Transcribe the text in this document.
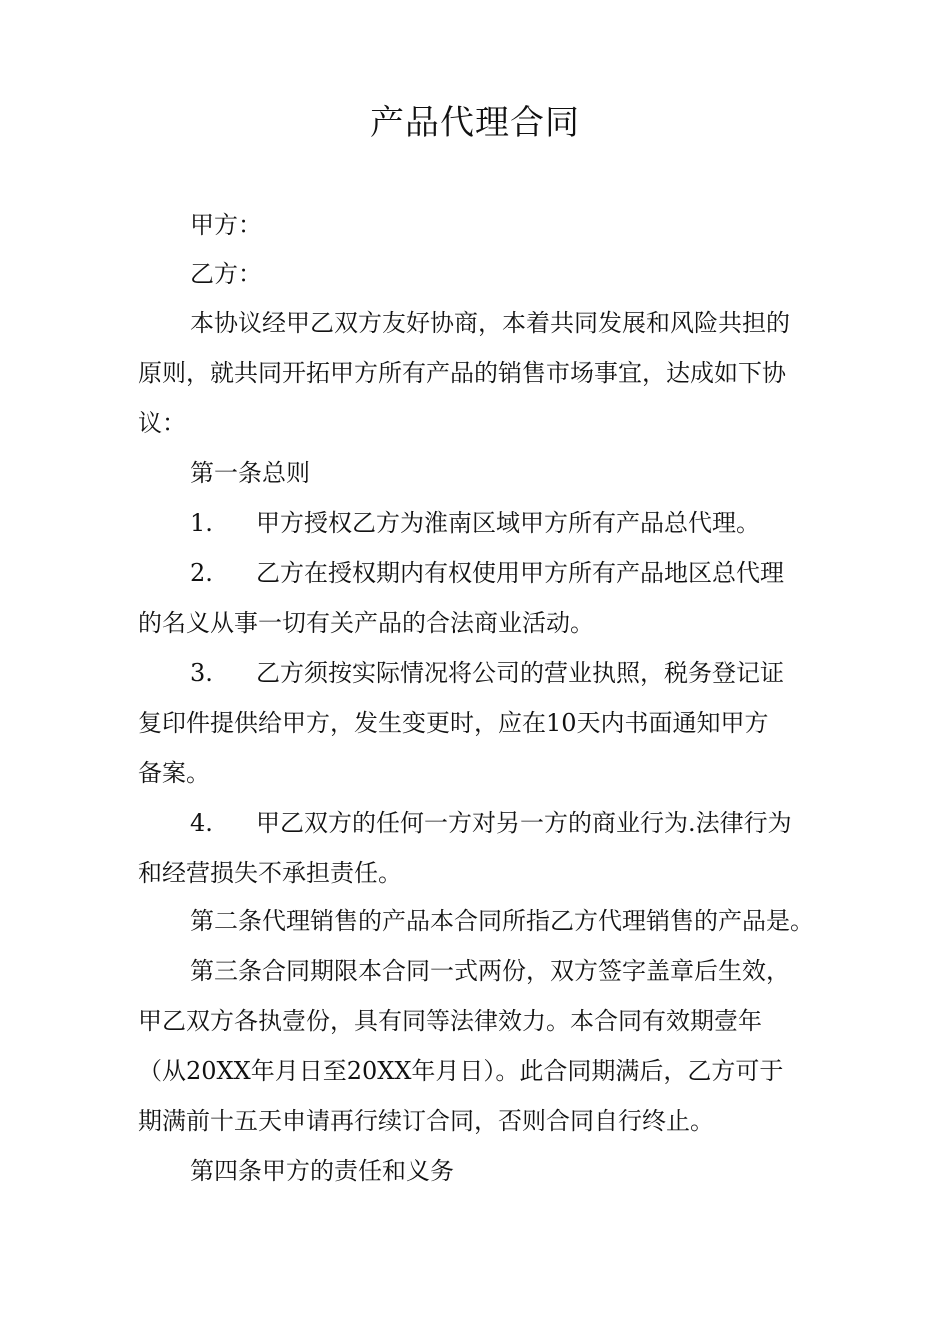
产品代理合同
甲方：
乙方：
本协议经甲乙双方友好协商，本着共同发展和风险共担的
原则，就共同开拓甲方所有产品的销售市场事宜，达成如下协
议：
第一条总则
1. 甲方授权乙方为淮南区域甲方所有产品总代理。
2. 乙方在授权期内有权使用甲方所有产品地区总代理
的名义从事一切有关产品的合法商业活动。
3. 乙方须按实际情况将公司的营业执照，税务登记证
复印件提供给甲方，发生变更时，应在10天内书面通知甲方
备案。
4. 甲乙双方的任何一方对另一方的商业行为.法律行为
和经营损失不承担责任。
第二条代理销售的产品本合同所指乙方代理销售的产品是。
第三条合同期限本合同一式两份，双方签字盖章后生效，
甲乙双方各执壹份，具有同等法律效力。本合同有效期壹年
（从20XX年月日至20XX年月日）。此合同期满后，乙方可于
期满前十五天申请再行续订合同，否则合同自行终止。
第四条甲方的责任和义务
